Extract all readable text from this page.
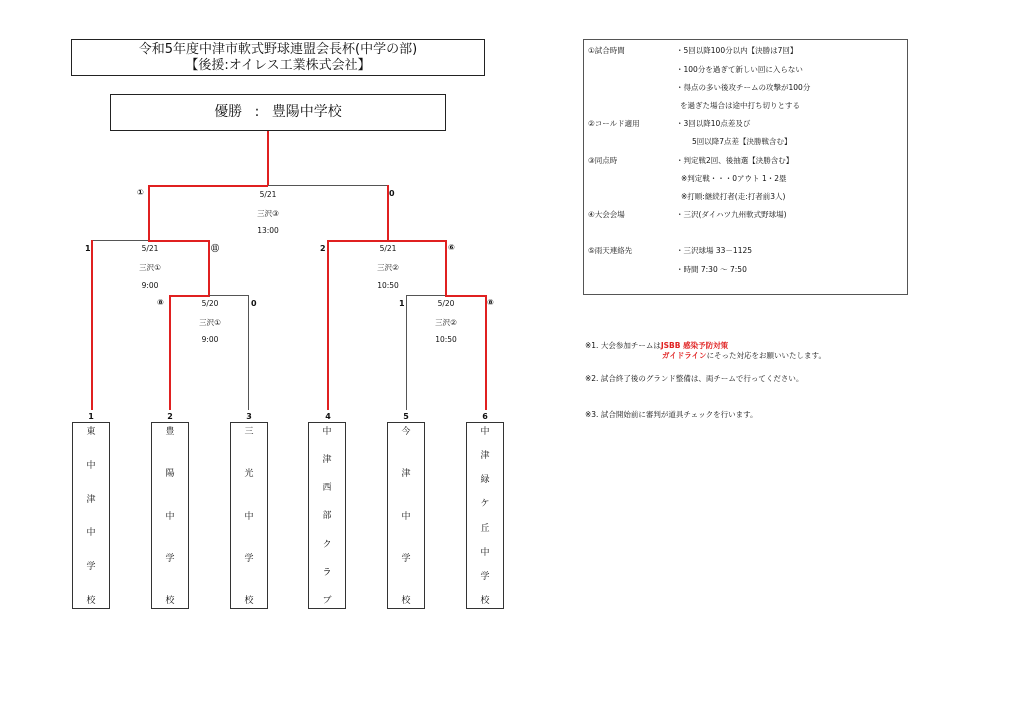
令和5年度中津市軟式野球連盟会長杯(中学の部)
【後援:オイレス工業株式会社】
優勝 : 豊陽中学校
5/21
三沢③
13:00
①	0
5/21
三沢①
9:00
1	⑪
5/20
三沢①
9:00
⑧	0
5/21
三沢②
10:50
2	⑥
5/20
三沢②
10:50
1	⑧
1
東
中
津
中
学
校
2
豊
陽
中
学
校
3
三
光
中
学
校
4
中
津
西
部
ク
ラ
ブ
5
今
津
中
学
校
6
中
津
緑
ケ
丘
中
学
校
①試合時間	・5回以降100分以内【決勝は7回】
・100分を過ぎて新しい回に入らない
・得点の多い後攻チームの攻撃が100分
を過ぎた場合は途中打ち切りとする
②コールド適用	・3回以降10点差及び
5回以降7点差【決勝戦含む】
③同点時	・判定戦2回、後抽選【決勝含む】
※判定戦・・・0アウト 1・2塁
※打順:継続打者(走:打者前3人)
④大会会場	・三沢(ダイハツ九州軟式野球場)
⑤雨天連絡先	・三沢球場 33－1125
・時間 7:30 ～ 7:50
※1. 大会参加チームはJSBB 感染予防対策
ガイドラインにそった対応をお願いいたします。
※2. 試合終了後のグランド整備は、両チームで行ってください。
※3. 試合開始前に審判が道具チェックを行います。
